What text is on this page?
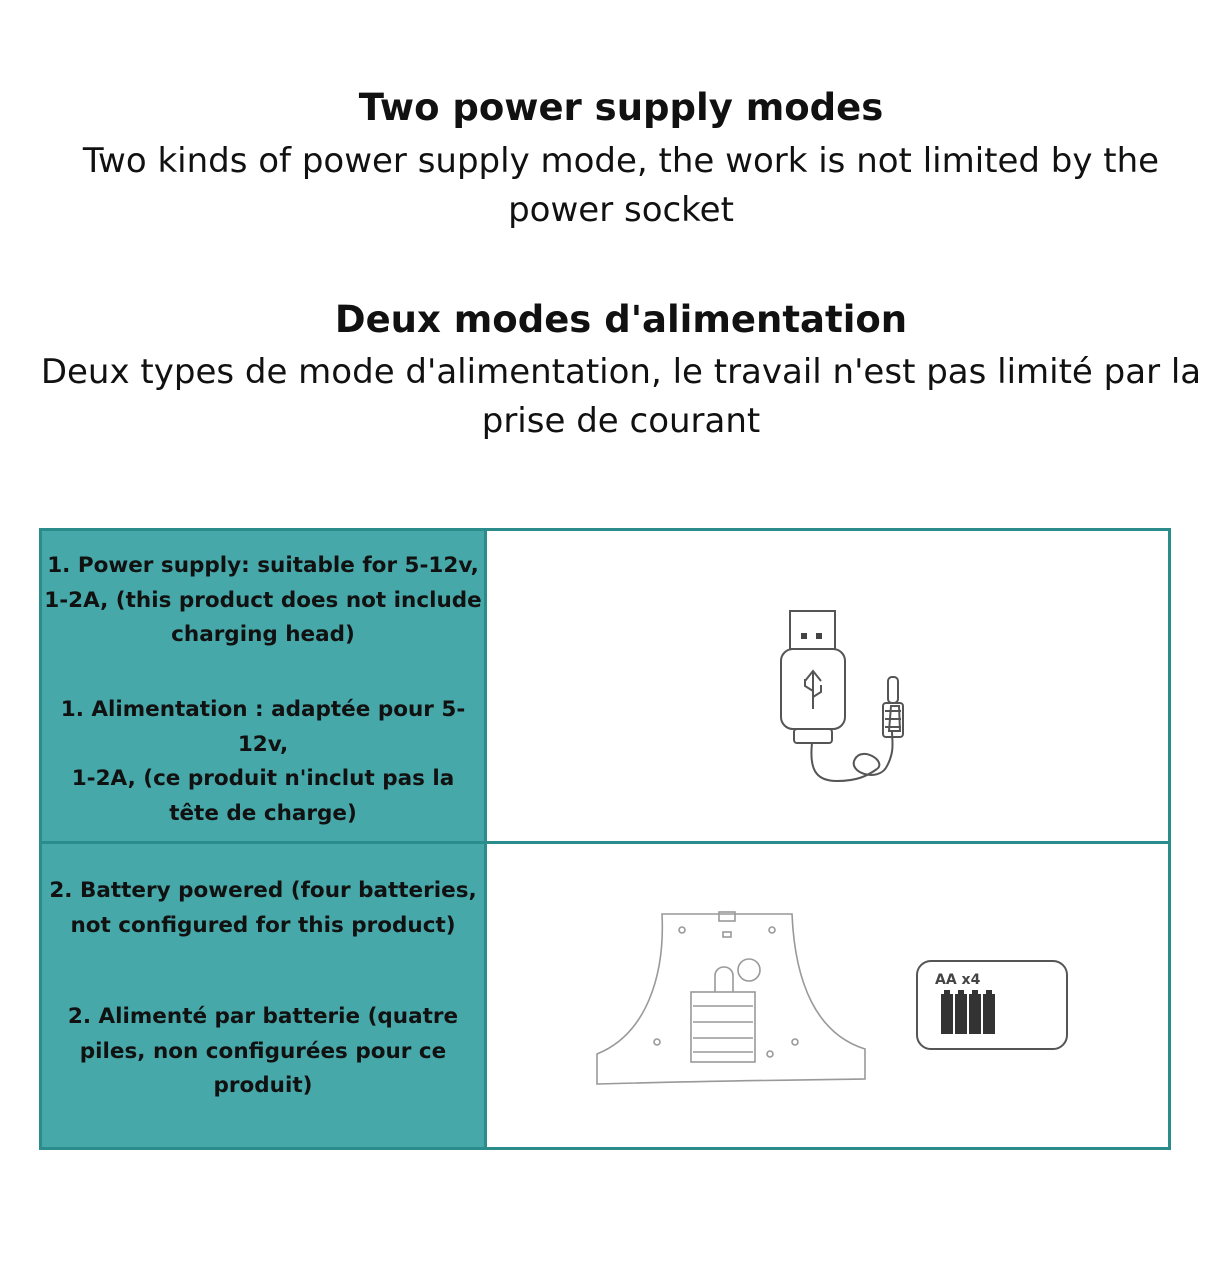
Two power supply modes

Two kinds of power supply mode, the work is not limited by the power socket

Deux modes d'alimentation

Deux types de mode d'alimentation, le travail n'est pas limité par la prise de courant

1. Power supply: suitable for 5-12v, 1-2A, (this product does not include charging head)

1. Alimentation : adaptée pour 5-12v,

1-2A, (ce produit n'inclut pas la tête de charge)

2. Battery powered (four batteries, not configured for this product)

2. Alimenté par batterie (quatre piles, non configurées pour ce produit)

AA x4
